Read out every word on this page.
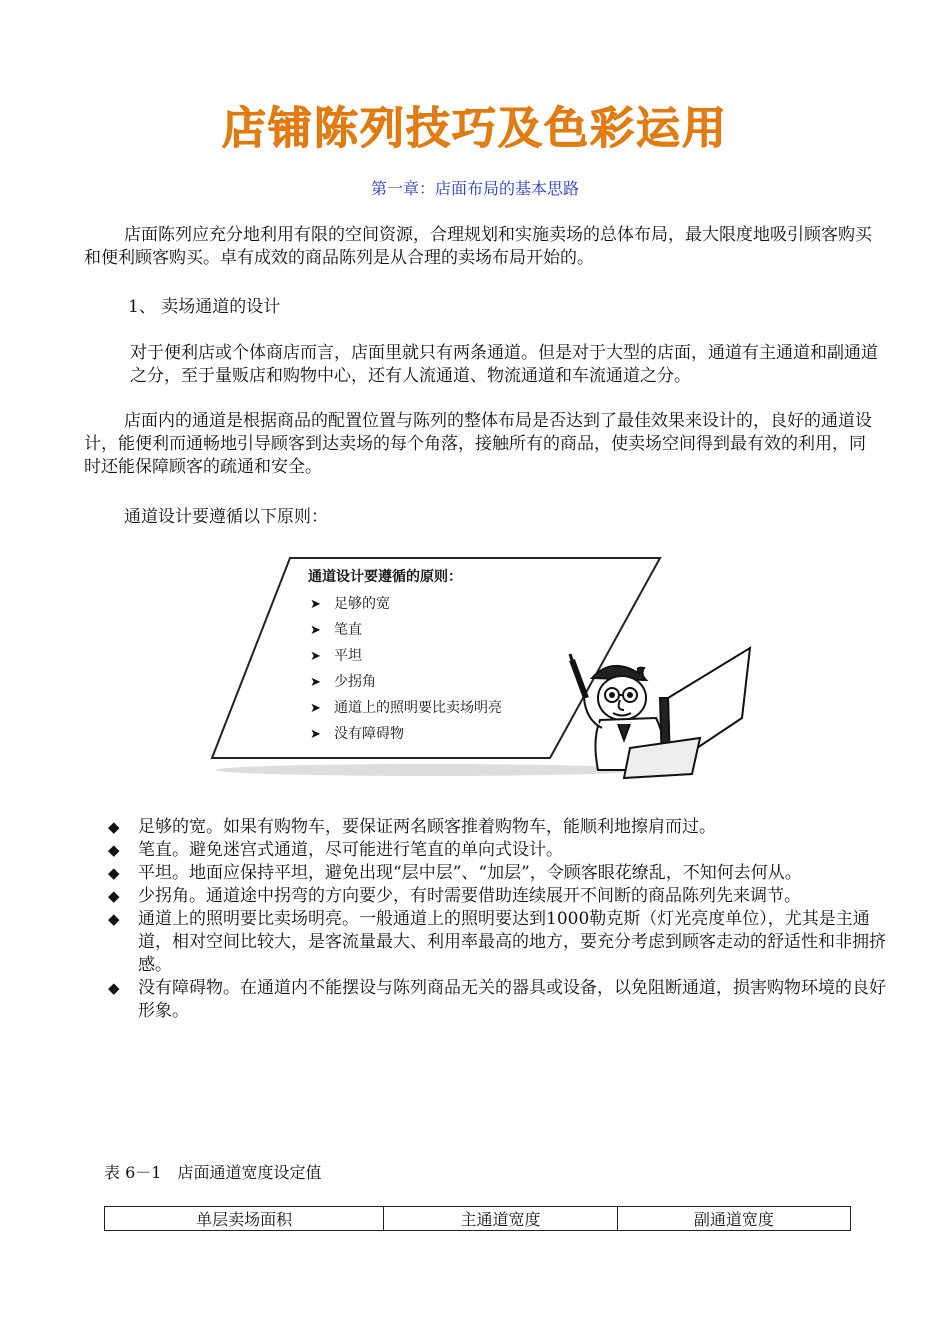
店铺陈列技巧及色彩运用
第一章：店面布局的基本思路
店面陈列应充分地利用有限的空间资源，合理规划和实施卖场的总体布局，最大限度地吸引顾客购买和便利顾客购买。卓有成效的商品陈列是从合理的卖场布局开始的。
1、 卖场通道的设计
对于便利店或个体商店而言，店面里就只有两条通道。但是对于大型的店面，通道有主通道和副通道之分，至于量贩店和购物中心，还有人流通道、物流通道和车流通道之分。
店面内的通道是根据商品的配置位置与陈列的整体布局是否达到了最佳效果来设计的，良好的通道设计，能便利而通畅地引导顾客到达卖场的每个角落，接触所有的商品，使卖场空间得到最有效的利用，同时还能保障顾客的疏通和安全。
通道设计要遵循以下原则：
通道设计要遵循的原则：
➤ 足够的宽
➤ 笔直
➤ 平坦
➤ 少拐角
➤ 通道上的照明要比卖场明亮
➤ 没有障碍物
◆ 足够的宽。如果有购物车，要保证两名顾客推着购物车，能顺利地擦肩而过。
◆ 笔直。避免迷宫式通道，尽可能进行笔直的单向式设计。
◆ 平坦。地面应保持平坦，避免出现“层中层”、“加层”，令顾客眼花缭乱，不知何去何从。
◆ 少拐角。通道途中拐弯的方向要少，有时需要借助连续展开不间断的商品陈列先来调节。
◆ 通道上的照明要比卖场明亮。一般通道上的照明要达到1000勒克斯（灯光亮度单位），尤其是主通道，相对空间比较大，是客流量最大、利用率最高的地方，要充分考虑到顾客走动的舒适性和非拥挤感。
◆ 没有障碍物。在通道内不能摆设与陈列商品无关的器具或设备，以免阻断通道，损害购物环境的良好形象。
表 6－1　店面通道宽度设定值
单层卖场面积	主通道宽度	副通道宽度
